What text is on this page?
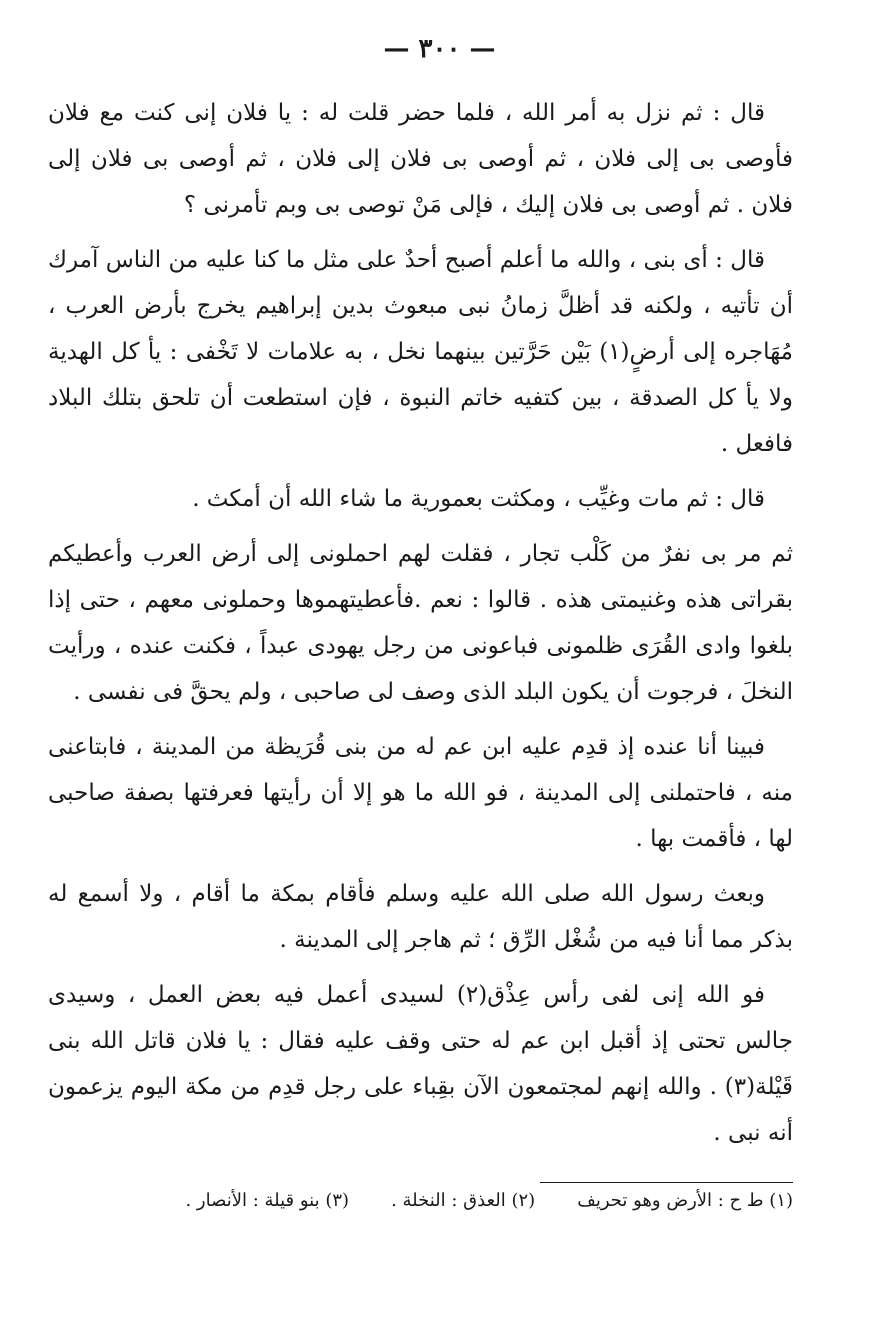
— ٣٠٠ —

قال : ثم نزل به أمر الله ، فلما حضر قلت له : يا فلان إنى كنت مع فلان فأوصى بى إلى فلان ، ثم أوصى بى فلان إلى فلان ، ثم أوصى بى فلان إلى فلان . ثم أوصى بى فلان إليك ، فإلى مَنْ توصى بى وبم تأمرنى ؟

قال : أى بنى ، والله ما أعلم أصبح أحدٌ على مثل ما كنا عليه من الناس آمرك أن تأتيه ، ولكنه قد أظلَّ زمانُ نبى مبعوث بدين إبراهيم يخرج بأرض العرب ، مُهَاجره إلى أرضٍ(١) بَيْن حَرَّتين بينهما نخل ، به علامات لا تَخْفى : يأ كل الهدية ولا يأ كل الصدقة ، بين كتفيه خاتم النبوة ، فإن استطعت أن تلحق بتلك البلاد فافعل .

قال : ثم مات وغيِّب ، ومكثت بعمورية ما شاء الله أن أمكث .

ثم مر بى نفرٌ من كَلْب تجار ، فقلت لهم احملونى إلى أرض العرب وأعطيكم بقراتى هذه وغنيمتى هذه . قالوا : نعم .فأعطيتهموها وحملونى معهم ، حتى إذا بلغوا وادى القُرَى ظلمونى فباعونى من رجل يهودى عبداً ، فكنت عنده ، ورأيت النخلَ ، فرجوت أن يكون البلد الذى وصف لى صاحبى ، ولم يحقَّ فى نفسى .

فبينا أنا عنده إذ قدِم عليه ابن عم له من بنى قُرَيظة من المدينة ، فابتاعنى منه ، فاحتملنى إلى المدينة ، فو الله ما هو إلا أن رأيتها فعرفتها بصفة صاحبى لها ، فأقمت بها .

وبعث رسول الله صلى الله عليه وسلم فأقام بمكة ما أقام ، ولا أسمع له بذكر مما أنا فيه من شُغْل الرِّق ؛ ثم هاجر إلى المدينة .

فو الله إنى لفى رأس عِذْق(٢) لسيدى أعمل فيه بعض العمل ، وسيدى جالس تحتى إذ أقبل ابن عم له حتى وقف عليه فقال : يا فلان قاتل الله بنى قَيْلة(٣) . والله إنهم لمجتمعون الآن بقِباء على رجل قدِم من مكة اليوم يزعمون أنه نبى .

(١) ط ح : الأرض وهو تحريف
(٢) العذق : النخلة .
(٣) بنو قيلة : الأنصار .
